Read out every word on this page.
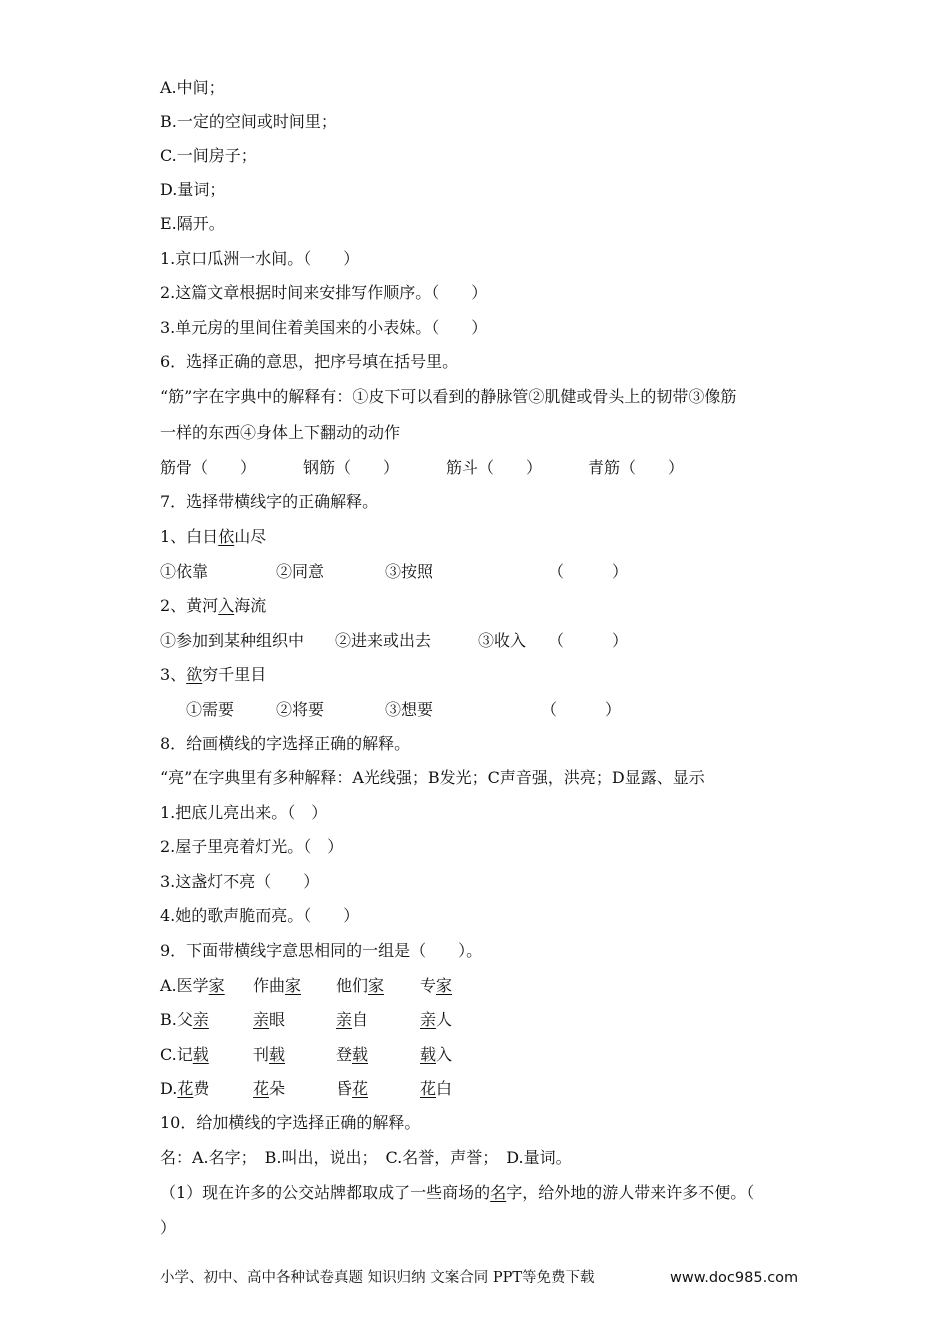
A.中间；
B.一定的空间或时间里；
C.一间房子；
D.量词；
E.隔开。
1.京口瓜洲一水间。（　　）
2.这篇文章根据时间来安排写作顺序。（　　）
3.单元房的里间住着美国来的小表妹。（　　）
6．选择正确的意思，把序号填在括号里。
“筋”字在字典中的解释有：①皮下可以看到的静脉管②肌健或骨头上的韧带③像筋
一样的东西④身体上下翻动的动作
筋骨（　　）	钢筋（　　）	筋斗（　　）	青筋（　　）
7．选择带横线字的正确解释。
1、白日依山尽
①依靠	②同意	③按照	（　　　）
2、黄河入海流
①参加到某种组织中 ②进来或出去	③收入 （　　　）
3、欲穷千里目
①需要	②将要	③想要	（　　　）
8．给画横线的字选择正确的解释。
“亮”在字典里有多种解释：A光线强；B发光；C声音强，洪亮；D显露、显示
1.把底儿亮出来。（　）
2.屋子里亮着灯光。（　）
3.这盏灯不亮（　　）
4.她的歌声脆而亮。（　　）
9．下面带横线字意思相同的一组是（　　）。
A.医学家 作曲家 他们家 专家
B.父亲	亲眼	亲自	亲人
C.记载	刊载	登载	载入
D.花费	花朵	昏花	花白
10．给加横线的字选择正确的解释。
名：A.名字；　B.叫出，说出；　C.名誉，声誉；　D.量词。
（1）现在许多的公交站牌都取成了一些商场的名字，给外地的游人带来许多不便。（
）
小学、初中、高中各种试卷真题 知识归纳 文案合同 PPT等免费下载	www.doc985.com
